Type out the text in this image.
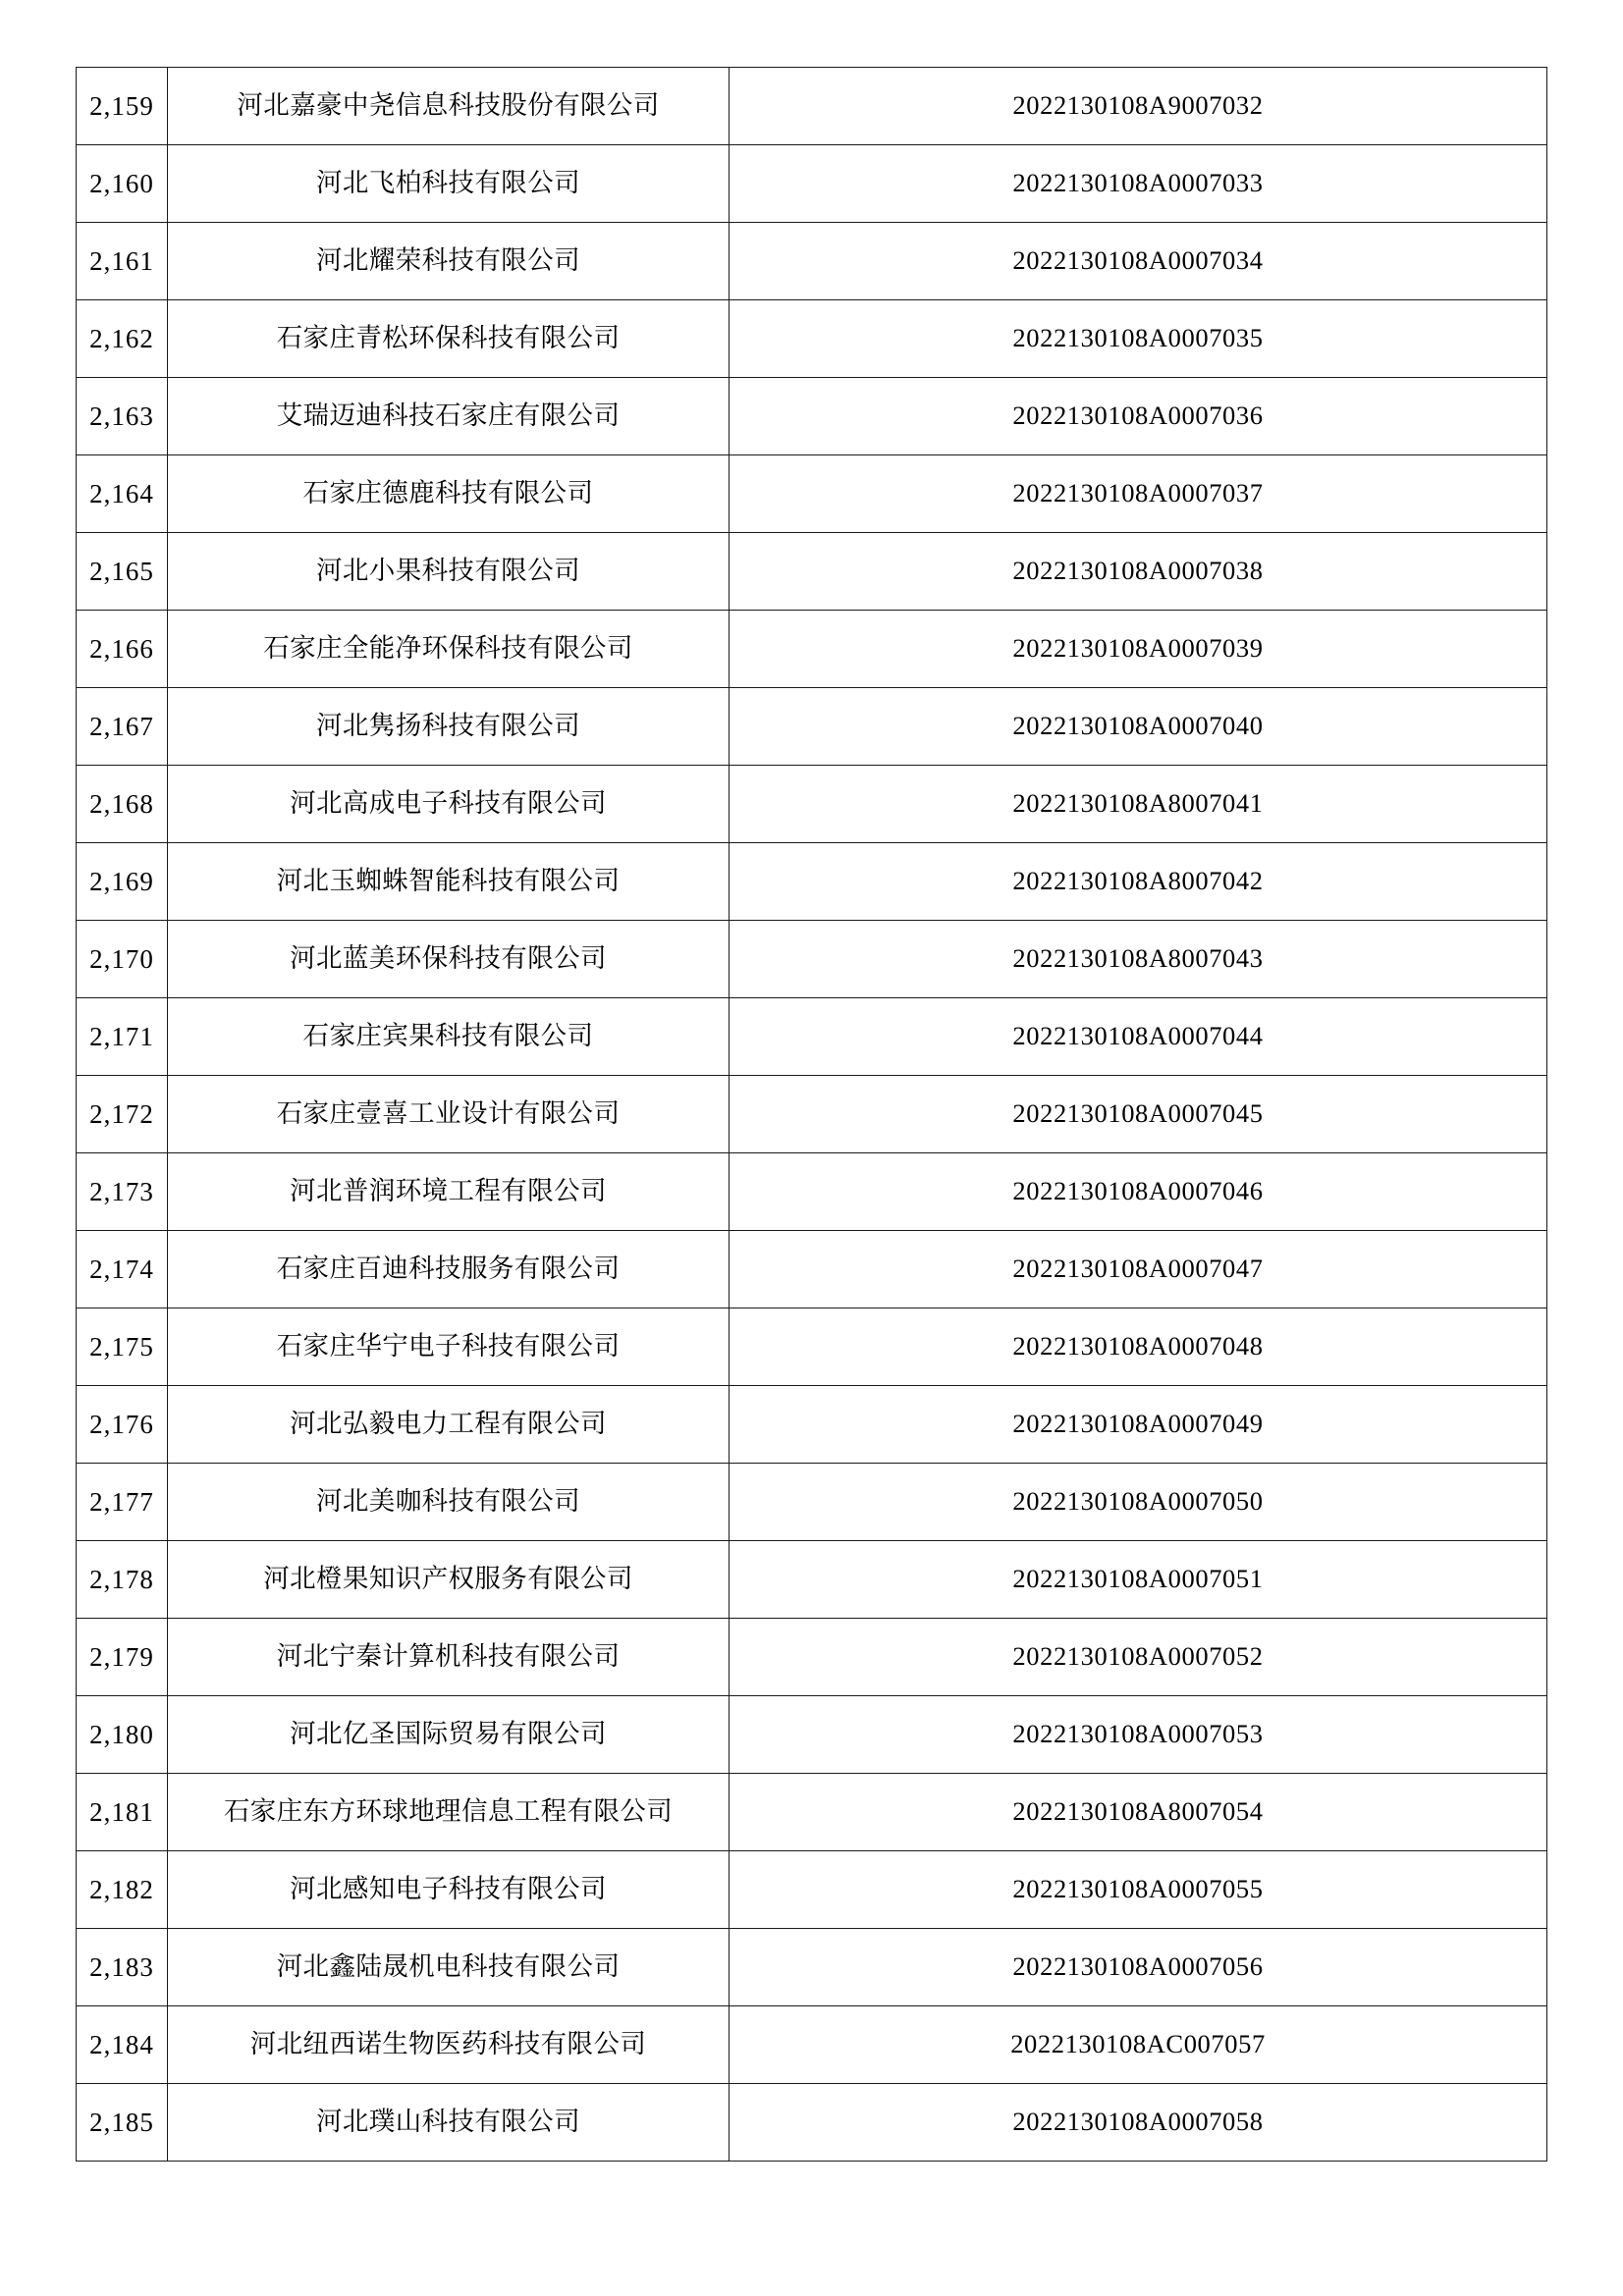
2,159	河北嘉豪中尧信息科技股份有限公司	2022130108A9007032
2,160	河北飞柏科技有限公司	2022130108A0007033
2,161	河北耀荣科技有限公司	2022130108A0007034
2,162	石家庄青松环保科技有限公司	2022130108A0007035
2,163	艾瑞迈迪科技石家庄有限公司	2022130108A0007036
2,164	石家庄德鹿科技有限公司	2022130108A0007037
2,165	河北小果科技有限公司	2022130108A0007038
2,166	石家庄全能净环保科技有限公司	2022130108A0007039
2,167	河北隽扬科技有限公司	2022130108A0007040
2,168	河北高成电子科技有限公司	2022130108A8007041
2,169	河北玉蜘蛛智能科技有限公司	2022130108A8007042
2,170	河北蓝美环保科技有限公司	2022130108A8007043
2,171	石家庄宾果科技有限公司	2022130108A0007044
2,172	石家庄壹喜工业设计有限公司	2022130108A0007045
2,173	河北普润环境工程有限公司	2022130108A0007046
2,174	石家庄百迪科技服务有限公司	2022130108A0007047
2,175	石家庄华宁电子科技有限公司	2022130108A0007048
2,176	河北弘毅电力工程有限公司	2022130108A0007049
2,177	河北美咖科技有限公司	2022130108A0007050
2,178	河北橙果知识产权服务有限公司	2022130108A0007051
2,179	河北宁秦计算机科技有限公司	2022130108A0007052
2,180	河北亿圣国际贸易有限公司	2022130108A0007053
2,181	石家庄东方环球地理信息工程有限公司	2022130108A8007054
2,182	河北感知电子科技有限公司	2022130108A0007055
2,183	河北鑫陆晟机电科技有限公司	2022130108A0007056
2,184	河北纽西诺生物医药科技有限公司	2022130108AC007057
2,185	河北璞山科技有限公司	2022130108A0007058
